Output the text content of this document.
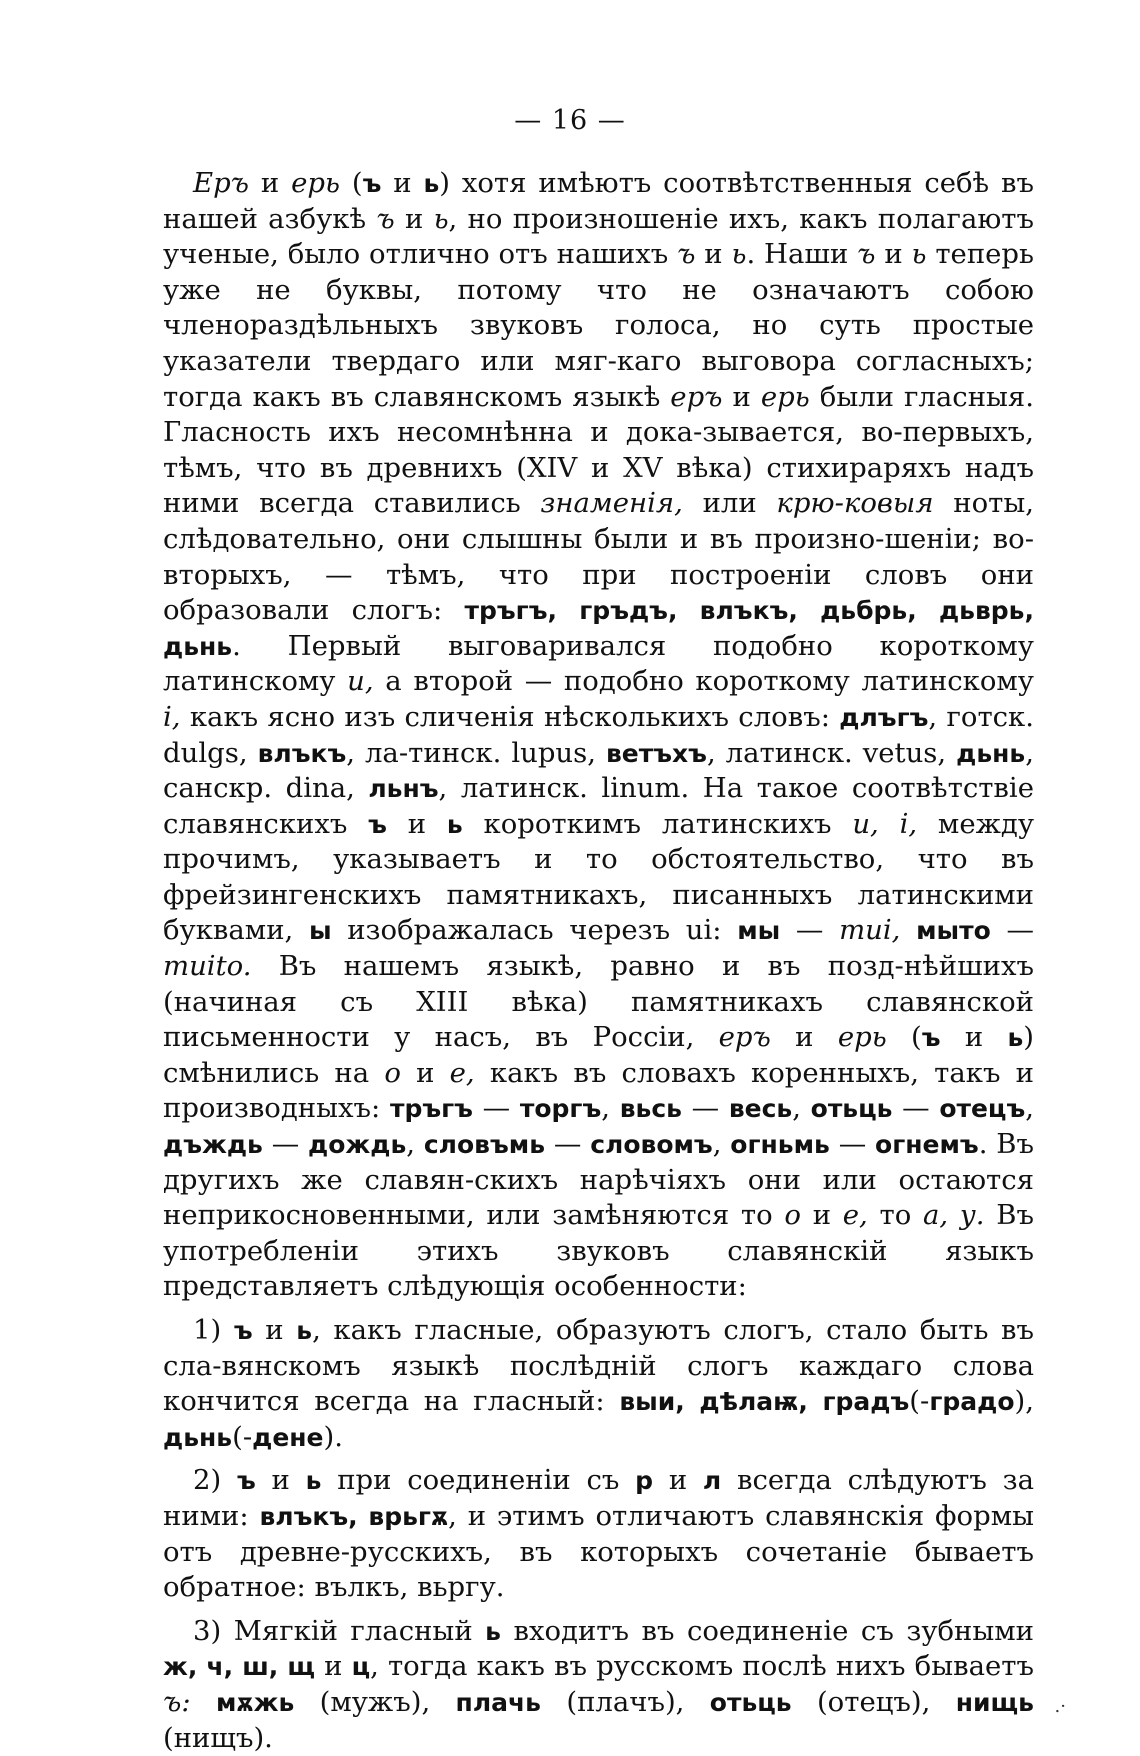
— 16 —

Еръ и ерь (ъ и ь) хотя имѣютъ соотвѣтственныя себѣ въ нашей азбукѣ ъ и ь, но произношеніе ихъ, какъ полагаютъ ученые, было отлично отъ нашихъ ъ и ь. Наши ъ и ь теперь уже не буквы, потому что не означаютъ собою членораздѣльныхъ звуковъ голоса, но суть простые указатели твердаго или мяг-каго выговора согласныхъ; тогда какъ въ славянскомъ языкѣ еръ и ерь были гласныя. Гласность ихъ несомнѣнна и дока-зывается, во-первыхъ, тѣмъ, что въ древнихъ (XIV и XV вѣка) стихираряхъ надъ ними всегда ставились знаменія, или крю-ковыя ноты, слѣдовательно, они слышны были и въ произно-шеніи; во-вторыхъ, — тѣмъ, что при построеніи словъ они образовали слогъ: тръгъ, гръдъ, влъкъ, дьбрь, дьврь, дьнь. Первый выговаривался подобно короткому латинскому u, а второй — подобно короткому латинскому i, какъ ясно изъ сличенія нѣсколькихъ словъ: длъгъ, готск. dulgs, влъкъ, ла-тинск. lupus, ветъхъ, латинск. vetus, дьнь, санскр. dina, льнъ, латинск. linum. На такое соотвѣтствіе славянскихъ ъ и ь короткимъ латинскихъ u, i, между прочимъ, указываетъ и то обстоятельство, что въ фрейзингенскихъ памятникахъ, писанныхъ латинскими буквами, ы изображалась черезъ ui: мы — mui, мыто — muito. Въ нашемъ языкѣ, равно и въ позд-нѣйшихъ (начиная съ XIII вѣка) памятникахъ славянской письменности у насъ, въ Россіи, еръ и ерь (ъ и ь) смѣнились на о и е, какъ въ словахъ коренныхъ, такъ и производныхъ: тръгъ — торгъ, вьсь — весь, отьць — отецъ, дъждь — дождь, словъмь — словомъ, огньмь — огнемъ. Въ другихъ же славян-скихъ нарѣчіяхъ они или остаются неприкосновенными, или замѣняются то о и е, то а, у. Въ употребленіи этихъ звуковъ славянскій языкъ представляетъ слѣдующія особенности:

1) ъ и ь, какъ гласные, образуютъ слогъ, стало быть въ сла-вянскомъ языкѣ послѣдній слогъ каждаго слова кончится всегда на гласный: выи, дѣлаѭ, градъ(-градо), дьнь(-дене).

2) ъ и ь при соединеніи съ р и л всегда слѣдуютъ за ними: влъкъ, врьгѫ, и этимъ отличаютъ славянскія формы отъ древне-русскихъ, въ которыхъ сочетаніе бываетъ обратное: вълкъ, вьргу.

3) Мягкій гласный ь входитъ въ соединеніе съ зубными ж, ч, ш, щ и ц, тогда какъ въ русскомъ послѣ нихъ бываетъ ъ: мѫжь (мужъ), плачь (плачъ), отьць (отецъ), нищь (нищъ).

.·
